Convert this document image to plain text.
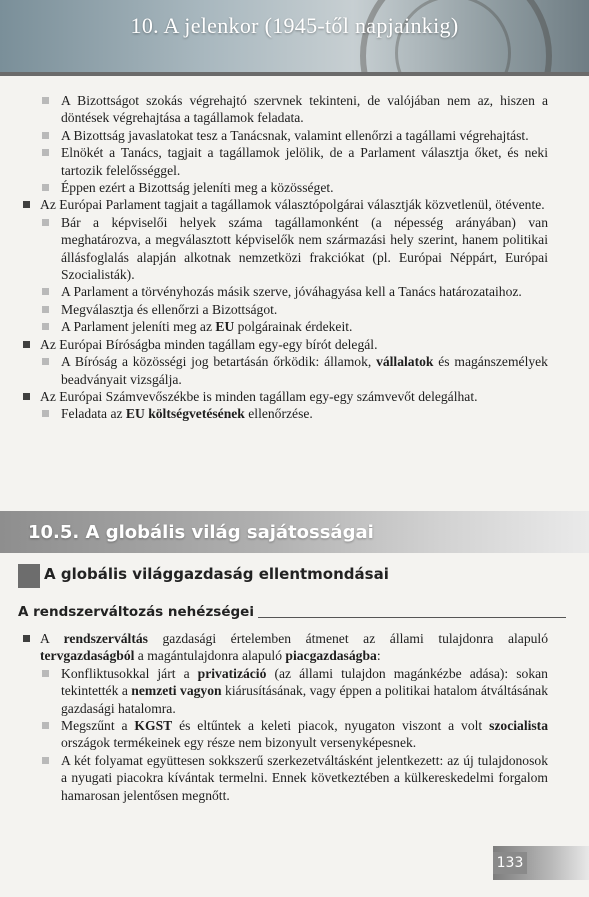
10. A jelenkor (1945-től napjainkig)
A Bizottságot szokás végrehajtó szervnek tekinteni, de valójában nem az, hiszen a döntések végrehajtása a tagállamok feladata.
A Bizottság javaslatokat tesz a Tanácsnak, valamint ellenőrzi a tagállami végrehajtást.
Elnökét a Tanács, tagjait a tagállamok jelölik, de a Parlament választja őket, és neki tartozik felelősséggel.
Éppen ezért a Bizottság jeleníti meg a közösséget.
Az Európai Parlament tagjait a tagállamok választópolgárai választják közvetlenül, ötévente.
Bár a képviselői helyek száma tagállamonként (a népesség arányában) van meghatározva, a megválasztott képviselők nem származási hely szerint, hanem politikai állásfoglalás alapján alkotnak nemzetközi frakciókat (pl. Európai Néppárt, Európai Szocialisták).
A Parlament a törvényhozás másik szerve, jóváhagyása kell a Tanács határozataihoz.
Megválasztja és ellenőrzi a Bizottságot.
A Parlament jeleníti meg az EU polgárainak érdekeit.
Az Európai Bíróságba minden tagállam egy-egy bírót delegál.
A Bíróság a közösségi jog betartásán őrködik: államok, vállalatok és magánszemélyek beadványait vizsgálja.
Az Európai Számvevőszékbe is minden tagállam egy-egy számvevőt delegálhat.
Feladata az EU költségvetésének ellenőrzése.
10.5. A globális világ sajátosságai
A globális világgazdaság ellentmondásai
A rendszerváltozás nehézségei
A rendszerváltás gazdasági értelemben átmenet az állami tulajdonra alapuló tervgazdaságból a magántulajdonra alapuló piacgazdaságba:
Konfliktusokkal járt a privatizáció (az állami tulajdon magánkézbe adása): sokan tekintették a nemzeti vagyon kiárusításának, vagy éppen a politikai hatalom átváltásának gazdasági hatalomra.
Megszűnt a KGST és eltűntek a keleti piacok, nyugaton viszont a volt szocialista országok termékeinek egy része nem bizonyult versenyképesnek.
A két folyamat együttesen sokkszerű szerkezetváltásként jelentkezett: az új tulajdonosok a nyugati piacokra kívántak termelni. Ennek következtében a külkereskedelmi forgalom hamarosan jelentősen megnőtt.
133
